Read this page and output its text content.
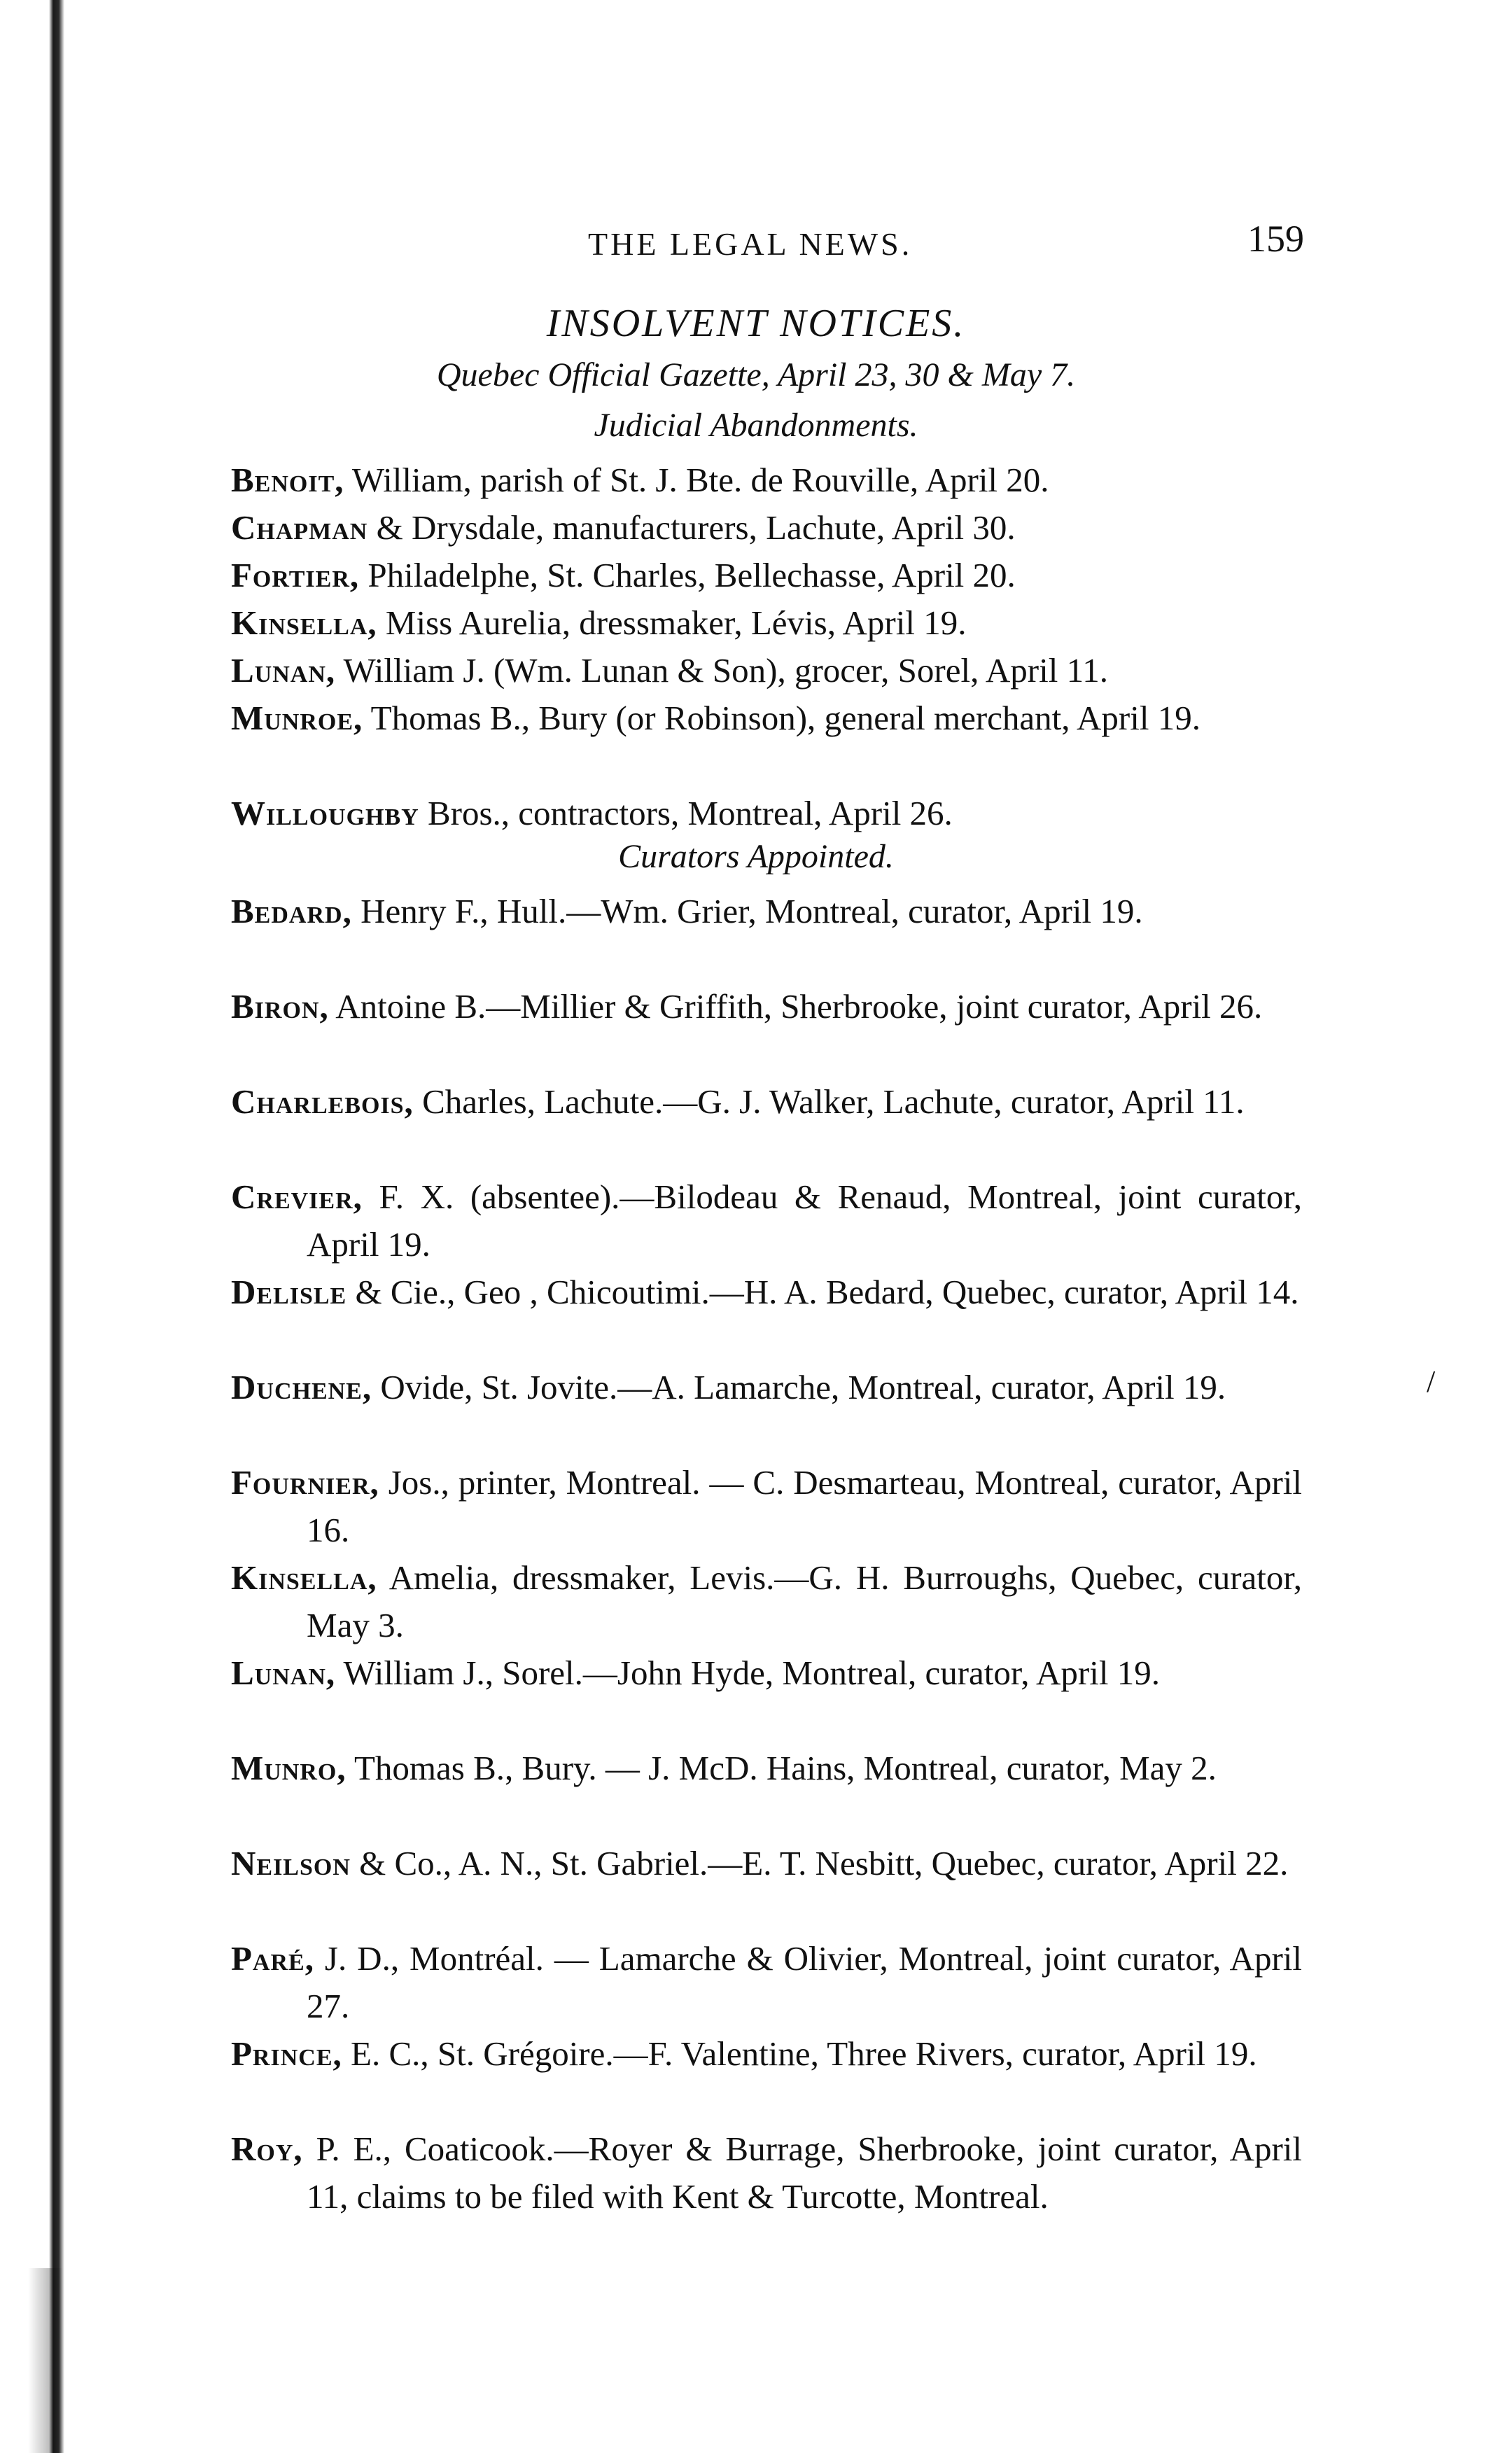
THE LEGAL NEWS.	159
INSOLVENT NOTICES.
Quebec Official Gazette, April 23, 30 & May 7.
Judicial Abandonments.
Benoit, William, parish of St. J. Bte. de Rouville, April 20.
Chapman & Drysdale, manufacturers, Lachute, April 30.
Fortier, Philadelphe, St. Charles, Bellechasse, April 20.
Kinsella, Miss Aurelia, dressmaker, Lévis, April 19.
Lunan, William J. (Wm. Lunan & Son), grocer, Sorel, April 11.
Munroe, Thomas B., Bury (or Robinson), general merchant, April 19.
Willoughby Bros., contractors, Montreal, April 26.
Curators Appointed.
Bedard, Henry F., Hull.—Wm. Grier, Montreal, curator, April 19.
Biron, Antoine B.—Millier & Griffith, Sherbrooke, joint curator, April 26.
Charlebois, Charles, Lachute.—G. J. Walker, Lachute, curator, April 11.
Crevier, F. X. (absentee).—Bilodeau & Renaud, Montreal, joint curator, April 19.
Delisle & Cie., Geo , Chicoutimi.—H. A. Bedard, Quebec, curator, April 14.
Duchene, Ovide, St. Jovite.—A. Lamarche, Montreal, curator, April 19.
Fournier, Jos., printer, Montreal. — C. Desmarteau, Montreal, curator, April 16.
Kinsella, Amelia, dressmaker, Levis.—G. H. Burroughs, Quebec, curator, May 3.
Lunan, William J., Sorel.—John Hyde, Montreal, curator, April 19.
Munro, Thomas B., Bury. — J. McD. Hains, Montreal, curator, May 2.
Neilson & Co., A. N., St. Gabriel.—E. T. Nesbitt, Quebec, curator, April 22.
Paré, J. D., Montréal. — Lamarche & Olivier, Montreal, joint curator, April 27.
Prince, E. C., St. Grégoire.—F. Valentine, Three Rivers, curator, April 19.
Roy, P. E., Coaticook.—Royer & Burrage, Sherbrooke, joint curator, April 11, claims to be filed with Kent & Turcotte, Montreal.
/
